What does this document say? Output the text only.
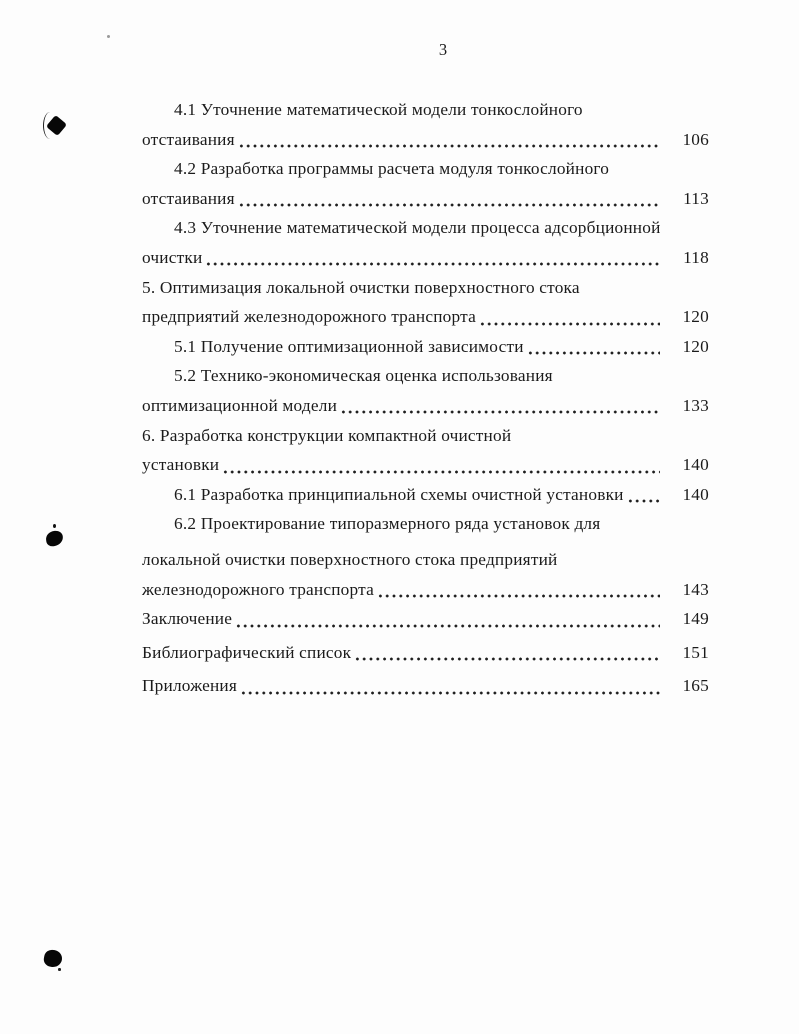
3
4.1 Уточнение математической модели тонкослойного
отстаивания	106
4.2 Разработка программы расчета модуля тонкослойного
отстаивания	113
4.3 Уточнение математической модели процесса адсорбционной
очистки	118
5. Оптимизация локальной очистки поверхностного стока
предприятий железнодорожного транспорта	120
5.1 Получение оптимизационной зависимости	120
5.2 Технико-экономическая оценка использования
оптимизационной модели	133
6. Разработка конструкции компактной очистной
установки	140
6.1 Разработка принципиальной схемы очистной установки	140
6.2 Проектирование типоразмерного ряда установок для
локальной очистки поверхностного стока предприятий
железнодорожного транспорта	143
Заключение	149
Библиографический список	151
Приложения	165
